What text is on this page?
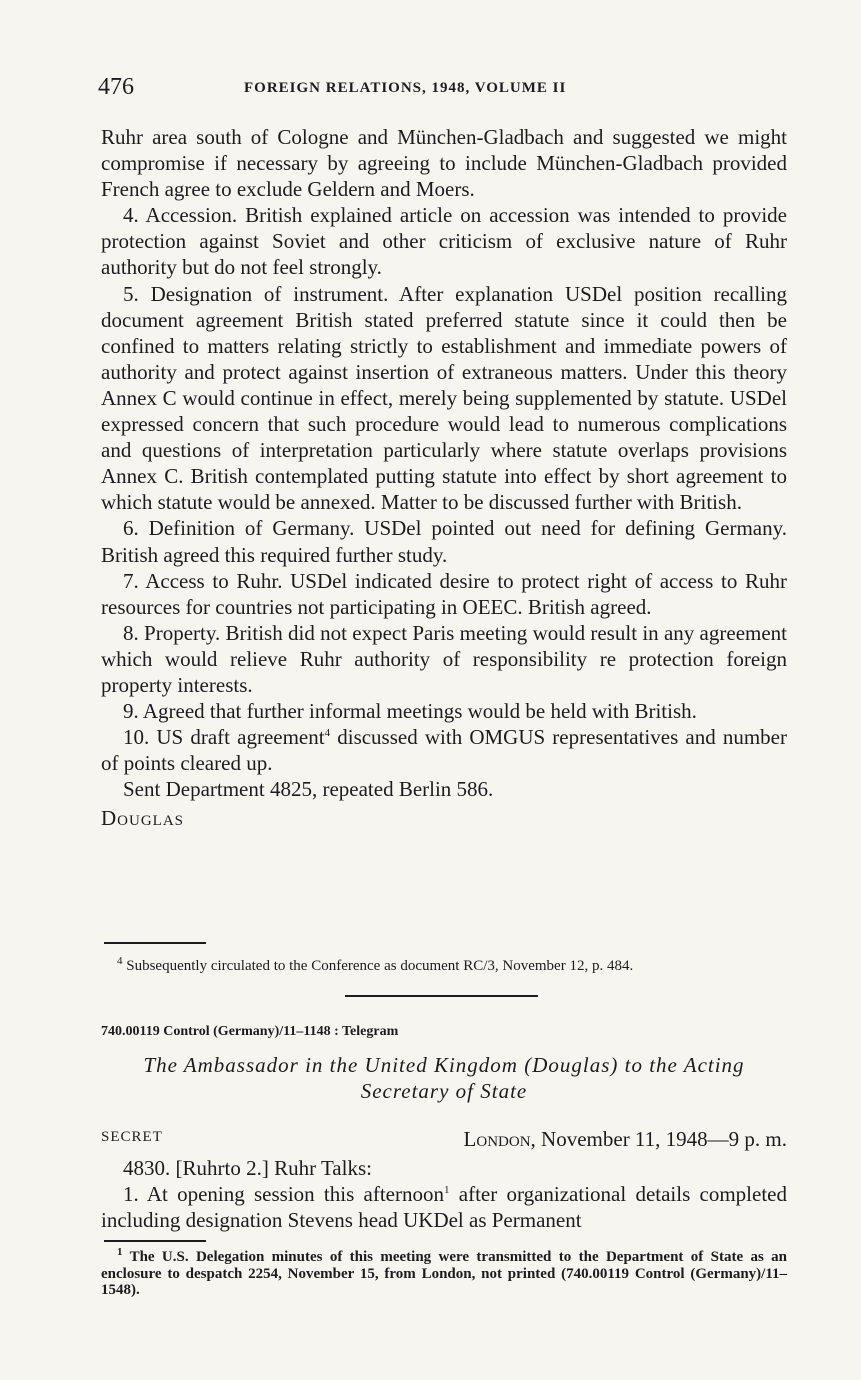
476	FOREIGN RELATIONS, 1948, VOLUME II

Ruhr area south of Cologne and München-Gladbach and suggested we might compromise if necessary by agreeing to include München-Gladbach provided French agree to exclude Geldern and Moers.

4. Accession. British explained article on accession was intended to provide protection against Soviet and other criticism of exclusive nature of Ruhr authority but do not feel strongly.

5. Designation of instrument. After explanation USDel position recalling document agreement British stated preferred statute since it could then be confined to matters relating strictly to establishment and immediate powers of authority and protect against insertion of extraneous matters. Under this theory Annex C would continue in effect, merely being supplemented by statute. USDel expressed concern that such procedure would lead to numerous complications and questions of interpretation particularly where statute overlaps provisions Annex C. British contemplated putting statute into effect by short agreement to which statute would be annexed. Matter to be discussed further with British.

6. Definition of Germany. USDel pointed out need for defining Germany. British agreed this required further study.

7. Access to Ruhr. USDel indicated desire to protect right of access to Ruhr resources for countries not participating in OEEC. British agreed.

8. Property. British did not expect Paris meeting would result in any agreement which would relieve Ruhr authority of responsibility re protection foreign property interests.

9. Agreed that further informal meetings would be held with British.

10. US draft agreement$^4$ discussed with OMGUS representatives and number of points cleared up.

Sent Department 4825, repeated Berlin 586.

Douglas

$^4$ Subsequently circulated to the Conference as document RC/3, November 12, p. 484.

740.00119 Control (Germany)/11–1148 : Telegram

The Ambassador in the United Kingdom (Douglas) to the Acting
Secretary of State

SECRET	London, November 11, 1948—9 p. m.

4830. [Ruhrto 2.] Ruhr Talks:

1. At opening session this afternoon$^1$ after organizational details completed including designation Stevens head UKDel as Permanent

$^1$ The U.S. Delegation minutes of this meeting were transmitted to the Department of State as an enclosure to despatch 2254, November 15, from London, not printed (740.00119 Control (Germany)/11–1548).
